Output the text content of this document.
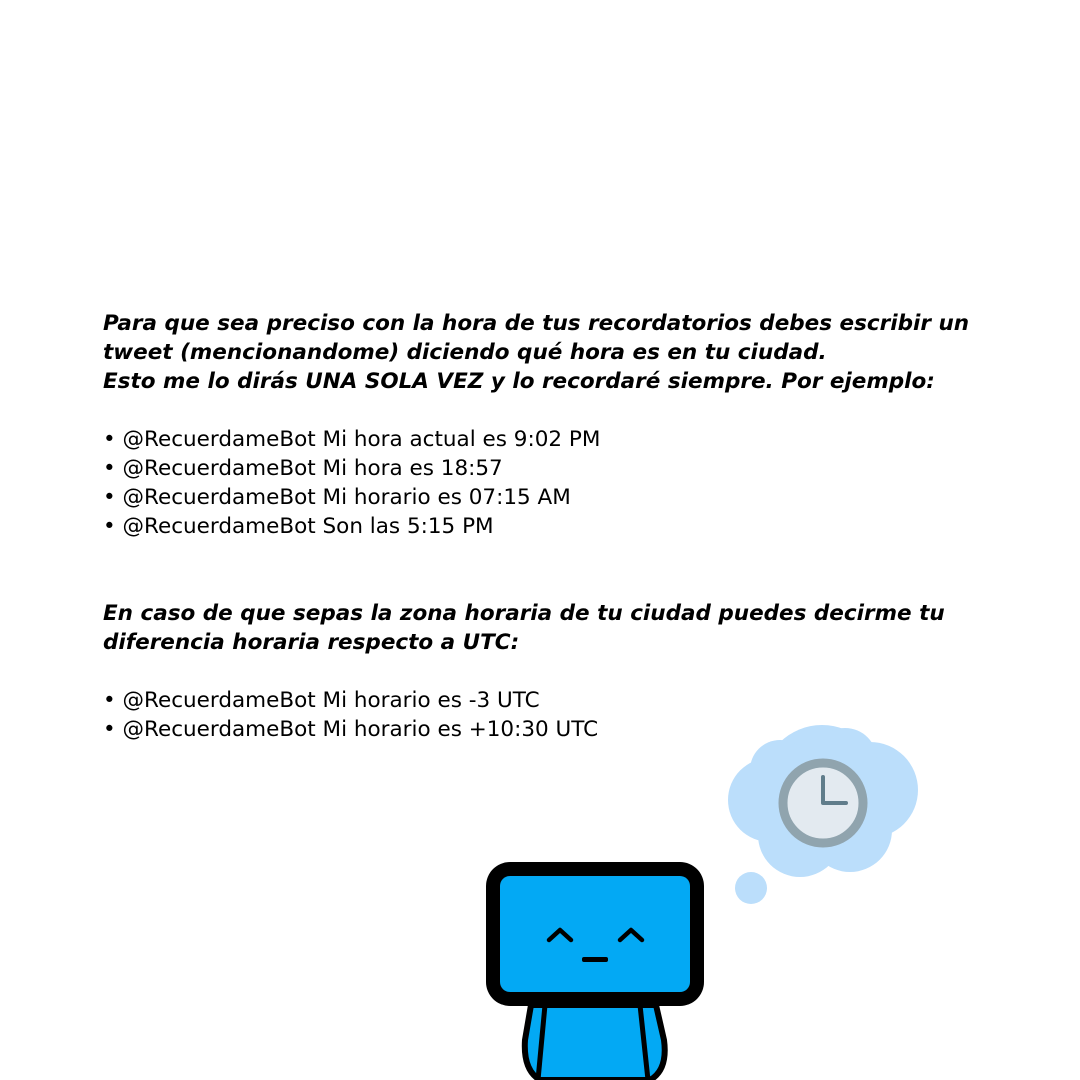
Para que sea preciso con la hora de tus recordatorios debes escribir un
tweet (mencionandome) diciendo qué hora es en tu ciudad.
Esto me lo dirás UNA SOLA VEZ y lo recordaré siempre. Por ejemplo:

• @RecuerdameBot Mi hora actual es 9:02 PM
• @RecuerdameBot Mi hora es 18:57
• @RecuerdameBot Mi horario es 07:15 AM
• @RecuerdameBot Son las 5:15 PM

En caso de que sepas la zona horaria de tu ciudad puedes decirme tu
diferencia horaria respecto a UTC:

• @RecuerdameBot Mi horario es -3 UTC
• @RecuerdameBot Mi horario es +10:30 UTC
